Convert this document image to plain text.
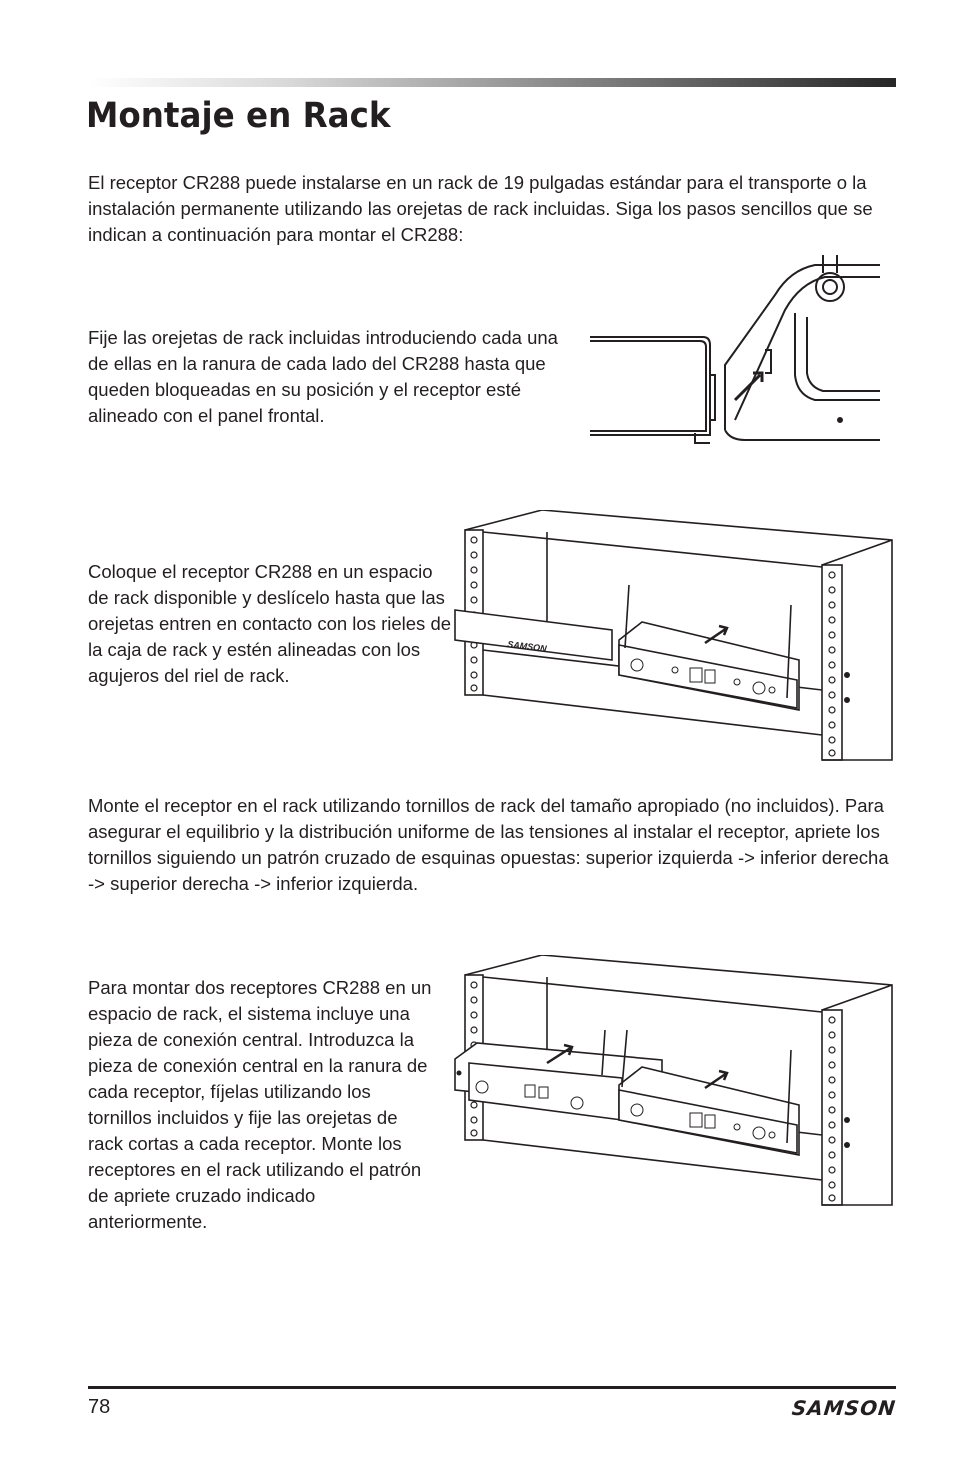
Montaje en Rack

El receptor CR288 puede instalarse en un rack de 19 pulgadas estándar para el transporte o la instalación permanente utilizando las orejetas de rack incluidas. Siga los pasos sencillos que se indican a continuación para montar el CR288:

Fije las orejetas de rack incluidas introduciendo cada una de ellas en la ranura de cada lado del CR288 hasta que queden bloqueadas en su posición y el receptor esté alineado con el panel frontal.

Coloque el receptor CR288 en un espacio de rack disponible y deslícelo hasta que las orejetas entren en contacto con los rieles de la caja de rack y estén alineadas con los agujeros del riel de rack.

Monte el receptor en el rack utilizando tornillos de rack del tamaño apropiado (no incluidos). Para asegurar el equilibrio y la distribución uniforme de las tensiones al instalar el receptor, apriete los tornillos siguiendo un patrón cruzado de esquinas opuestas: superior izquierda -> inferior derecha -> superior derecha -> inferior izquierda.

Para montar dos receptores CR288 en un espacio de rack, el sistema incluye una pieza de conexión central. Introduzca la pieza de conexión central en la ranura de cada receptor, fíjelas utilizando los tornillos incluidos y fije las orejetas de rack cortas a cada receptor. Monte los receptores en el rack utilizando el patrón de apriete cruzado indicado anteriormente.

SAMSON
78	SAMSON
